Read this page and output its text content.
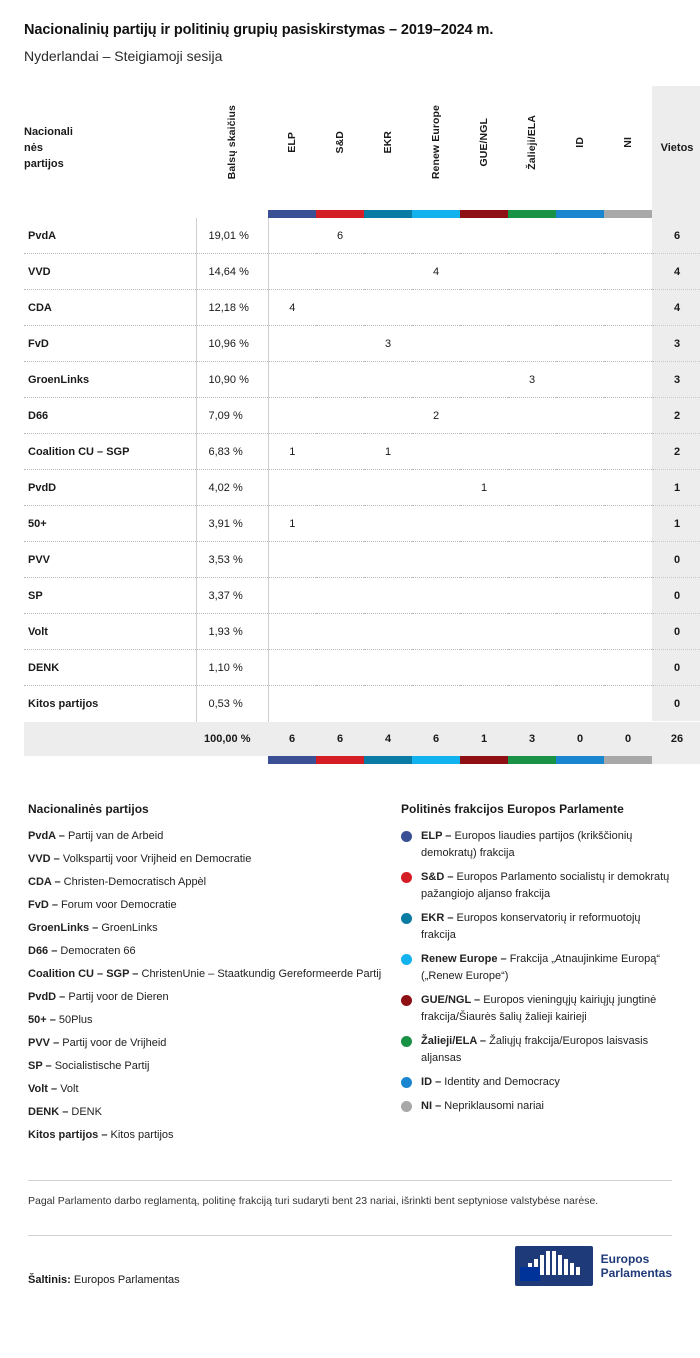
Nacionalinių partijų ir politinių grupių pasiskirstymas – 2019–2024 m.
Nyderlandai – Steigiamoji sesija
Nacionali
nės
partijos	Balsų skaičius	ELP	S&D	EKR	Renew Europe	GUE/NGL	Žalieji/ELA	ID	NI	Vietos

PvdA	19,01 %		6							6
VVD	14,64 %				4					4
CDA	12,18 %	4								4
FvD	10,96 %			3						3
GroenLinks	10,90 %						3			3
D66	7,09 %				2					2
Coalition CU – SGP	6,83 %	1		1						2
PvdD	4,02 %					1				1
50+	3,91 %	1								1
PVV	3,53 %									0
SP	3,37 %									0
Volt	1,93 %									0
DENK	1,10 %									0
Kitos partijos	0,53 %									0
	100,00 %	6	6	4	6	1	3	0	0	26

Nacionalinės partijos
PvdA – Partij van de Arbeid
VVD – Volkspartij voor Vrijheid en Democratie
CDA – Christen-Democratisch Appèl
FvD – Forum voor Democratie
GroenLinks – GroenLinks
D66 – Democraten 66
Coalition CU – SGP – ChristenUnie – Staatkundig Gereformeerde Partij
PvdD – Partij voor de Dieren
50+ – 50Plus
PVV – Partij voor de Vrijheid
SP – Socialistische Partij
Volt – Volt
DENK – DENK
Kitos partijos – Kitos partijos
Politinės frakcijos Europos Parlamente
ELP – Europos liaudies partijos (krikščionių demokratų) frakcija
S&D – Europos Parlamento socialistų ir demokratų pažangiojo aljanso frakcija
EKR – Europos konservatorių ir reformuotojų frakcija
Renew Europe – Frakcija „Atnaujinkime Europą“ („Renew Europe“)
GUE/NGL – Europos vieningųjų kairiųjų jungtinė frakcija/Šiaurės šalių žalieji kairieji
Žalieji/ELA – Žaliųjų frakcija/Europos laisvasis aljansas
ID – Identity and Democracy
NI – Nepriklausomi nariai
Pagal Parlamento darbo reglamentą, politinę frakciją turi sudaryti bent 23 nariai, išrinkti bent septyniose valstybėse narėse.
Šaltinis: Europos Parlamentas
Europos
Parlamentas
